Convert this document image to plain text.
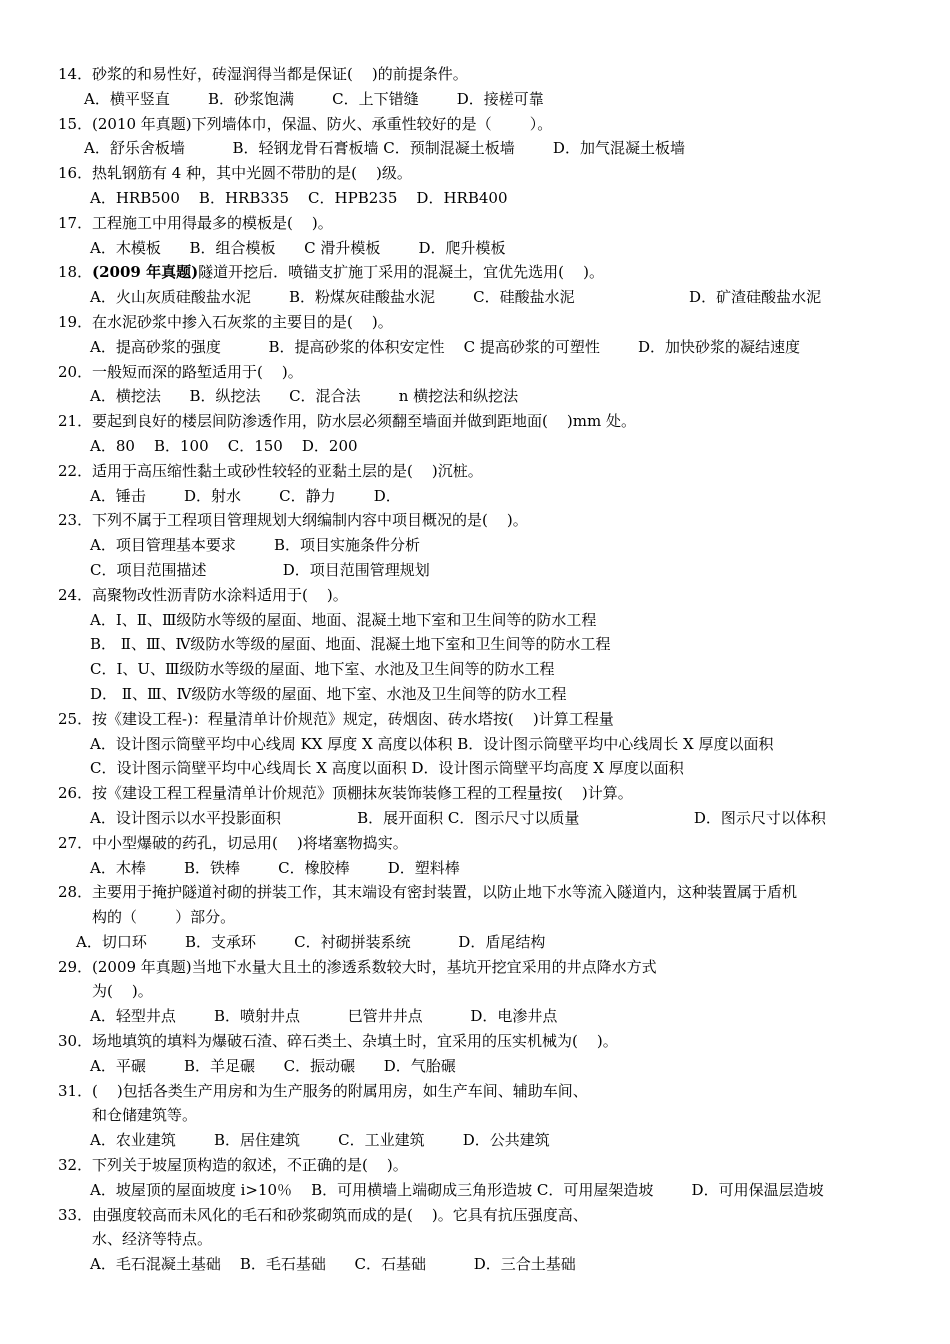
14．砂浆的和易性好，砖湿润得当都是保证(    )的前提条件。
A．横平竖直        B．砂浆饱满        C．上下错缝        D．接槎可靠
15．(2010 年真题)下列墙体巾，保温、防火、承重性较好的是（        ）。
A．舒乐舍板墙          B．轻钢龙骨石膏板墙 C．预制混凝土板墙        D．加气混凝土板墙
16．热轧钢筋有 4 种，其中光圆不带肋的是(    )级。
A．HRB500    B．HRB335    C．HPB235    D．HRB400
17．工程施工中用得最多的模板是(    )。
A．木模板      B．组合模板      C 滑升模板        D．爬升模板
18．(2009 年真题)隧道开挖后．喷锚支扩施丁采用的混凝土，宜优先选用(    )。
A．火山灰质硅酸盐水泥        B．粉煤灰硅酸盐水泥        C．硅酸盐水泥                        D．矿渣硅酸盐水泥
19．在水泥砂浆中掺入石灰浆的主要目的是(    )。
A．提高砂浆的强度          B．提高砂浆的体积安定性    C 提高砂浆的可塑性        D．加快砂浆的凝结速度
20．一般短而深的路堑适用于(    )。
A．横挖法      B．纵挖法      C．混合法        n 横挖法和纵挖法
21．要起到良好的楼层间防渗透作用，防水层必须翻至墙面并做到距地面(    )mm 处。
A．80    B．100    C．150    D．200
22．适用于高压缩性黏土或砂性较轻的亚黏土层的是(    )沉桩。
A．锤击        D．射水        C．静力        D．
23．下列不属于工程项目管理规划大纲编制内容中项目概况的是(    )。
A．项目管理基本要求        B．项目实施条件分析
C．项目范围描述                D．项目范围管理规划
24．高聚物改性沥青防水涂料适用于(    )。
A．I、Ⅱ、Ⅲ级防水等级的屋面、地面、混凝土地下室和卫生间等的防水工程
B． Ⅱ、Ⅲ、Ⅳ级防水等级的屋面、地面、混凝土地下室和卫生间等的防水工程
C．I、U、Ⅲ级防水等级的屋面、地下室、水池及卫生间等的防水工程
D． Ⅱ、Ⅲ、Ⅳ级防水等级的屋面、地下室、水池及卫生间等的防水工程
25．按《建设工程-)：程量清单计价规范》规定，砖烟囱、砖水塔按(    )计算工程量
A．设计图示筒壁平均中心线周 KX 厚度 X 高度以体积 B．设计图示筒壁平均中心线周长 X 厚度以面积
C．设计图示筒壁平均中心线周长 X 高度以面积 D．设计图示筒壁平均高度 X 厚度以面积
26．按《建设工程工程量清单计价规范》顶棚抹灰装饰装修工程的工程量按(    )计算。
A．设计图示以水平投影面积                B．展开面积 C．图示尺寸以质量                        D．图示尺寸以体积
27．中小型爆破的药孔，切忌用(    )将堵塞物捣实。
A．木棒        B．铁棒        C．橡胶棒        D．塑料棒
28．主要用于掩护隧道衬砌的拼装工作，其末端设有密封装置，以防止地下水等流入隧道内，这种装置属于盾机
构的（        ）部分。
A．切口环        B．支承环        C．衬砌拼装系统          D．盾尾结构
29．(2009 年真题)当地下水量大且土的渗透系数较大时，基坑开挖宜采用的井点降水方式
为(    )。
A．轻型井点        B．喷射井点          巳管井井点          D．电渗井点
30．场地填筑的填料为爆破石渣、碎石类土、杂填土时，宜采用的压实机械为(    )。
A．平碾        B．羊足碾      C．振动碾      D．气胎碾
31．(    )包括各类生产用房和为生产服务的附属用房，如生产车间、辅助车间、
和仓储建筑等。
A．农业建筑        B．居住建筑        C．工业建筑        D．公共建筑
32．下列关于坡屋顶构造的叙述，不正确的是(    )。
A．坡屋顶的屋面坡度 i>10％    B．可用横墙上端砌成三角形造坡 C．可用屋架造坡        D．可用保温层造坡
33．由强度较高而未风化的毛石和砂浆砌筑而成的是(    )。它具有抗压强度高、
水、经济等特点。
A．毛石混凝土基础    B．毛石基础      C．石基础          D．三合土基础
